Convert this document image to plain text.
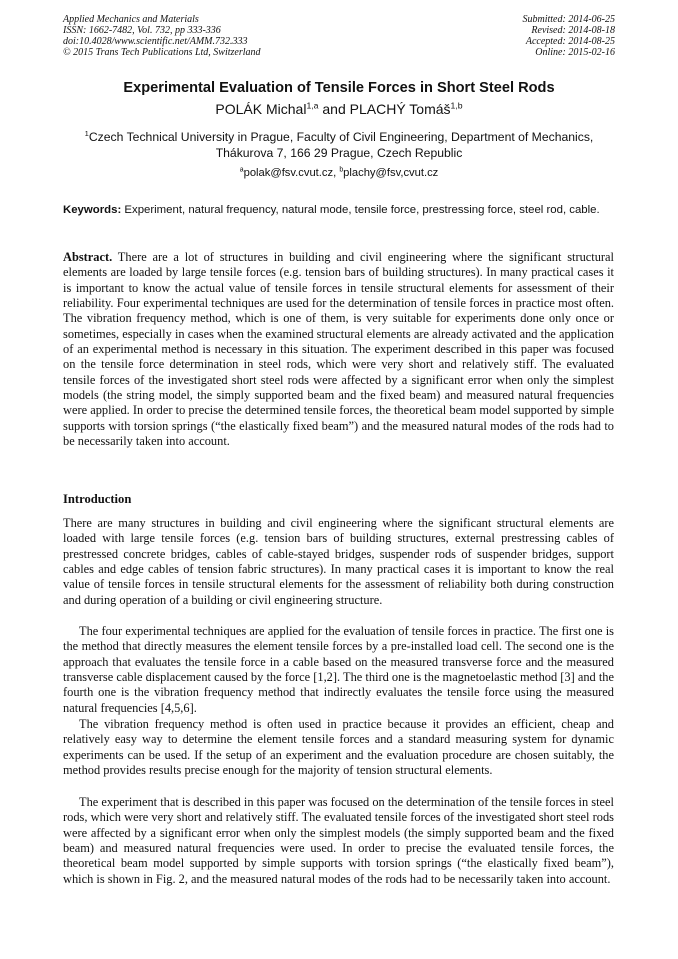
Applied Mechanics and Materials
ISSN: 1662-7482, Vol. 732, pp 333-336
doi:10.4028/www.scientific.net/AMM.732.333
© 2015 Trans Tech Publications Ltd, Switzerland
Submitted: 2014-06-25
Revised: 2014-08-18
Accepted: 2014-08-25
Online: 2015-02-16
Experimental Evaluation of Tensile Forces in Short Steel Rods
POLÁK Michal$^{1,a}$ and PLACHÝ Tomáš$^{1,b}$
$^1$Czech Technical University in Prague, Faculty of Civil Engineering, Department of Mechanics,
Thákurova 7, 166 29 Prague, Czech Republic
$^a$polak@fsv.cvut.cz, $^b$plachy@fsv,cvut.cz
Keywords: Experiment, natural frequency, natural mode, tensile force, prestressing force, steel rod, cable.
Abstract. There are a lot of structures in building and civil engineering where the significant structural elements are loaded by large tensile forces (e.g. tension bars of building structures). In many practical cases it is important to know the actual value of tensile forces in tensile structural elements for assessment of their reliability. Four experimental techniques are used for the determination of tensile forces in practice most often. The vibration frequency method, which is one of them, is very suitable for experiments done only once or sometimes, especially in cases when the examined structural elements are already activated and the application of an experimental method is necessary in this situation. The experiment described in this paper was focused on the tensile force determination in steel rods, which were very short and relatively stiff. The evaluated tensile forces of the investigated short steel rods were affected by a significant error when only the simplest models (the string model, the simply supported beam and the fixed beam) and measured natural frequencies were applied. In order to precise the determined tensile forces, the theoretical beam model supported by simple supports with torsion springs (“the elastically fixed beam”) and the measured natural modes of the rods had to be necessarily taken into account.
Introduction
There are many structures in building and civil engineering where the significant structural elements are loaded with large tensile forces (e.g. tension bars of building structures, external prestressing cables of prestressed concrete bridges, cables of cable-stayed bridges, suspender rods of suspender bridges, support cables and edge cables of tension fabric structures). In many practical cases it is important to know the real value of tensile forces in tensile structural elements for the assessment of reliability both during construction and during operation of a building or civil engineering structure.
The four experimental techniques are applied for the evaluation of tensile forces in practice. The first one is the method that directly measures the element tensile forces by a pre-installed load cell. The second one is the approach that evaluates the tensile force in a cable based on the measured transverse force and the measured transverse cable displacement caused by the force [1,2]. The third one is the magnetoelastic method [3] and the fourth one is the vibration frequency method that indirectly evaluates the tensile force using the measured natural frequencies [4,5,6].
The vibration frequency method is often used in practice because it provides an efficient, cheap and relatively easy way to determine the element tensile forces and a standard measuring system for dynamic experiments can be used. If the setup of an experiment and the evaluation procedure are chosen suitably, the method provides results precise enough for the majority of tension structural elements.
The experiment that is described in this paper was focused on the determination of the tensile forces in steel rods, which were very short and relatively stiff. The evaluated tensile forces of the investigated short steel rods were affected by a significant error when only the simplest models (the simply supported beam and the fixed beam) and measured natural frequencies were used. In order to precise the evaluated tensile forces, the theoretical beam model supported by simple supports with torsion springs (“the elastically fixed beam”), which is shown in Fig. 2, and the measured natural modes of the rods had to be necessarily taken into account.
